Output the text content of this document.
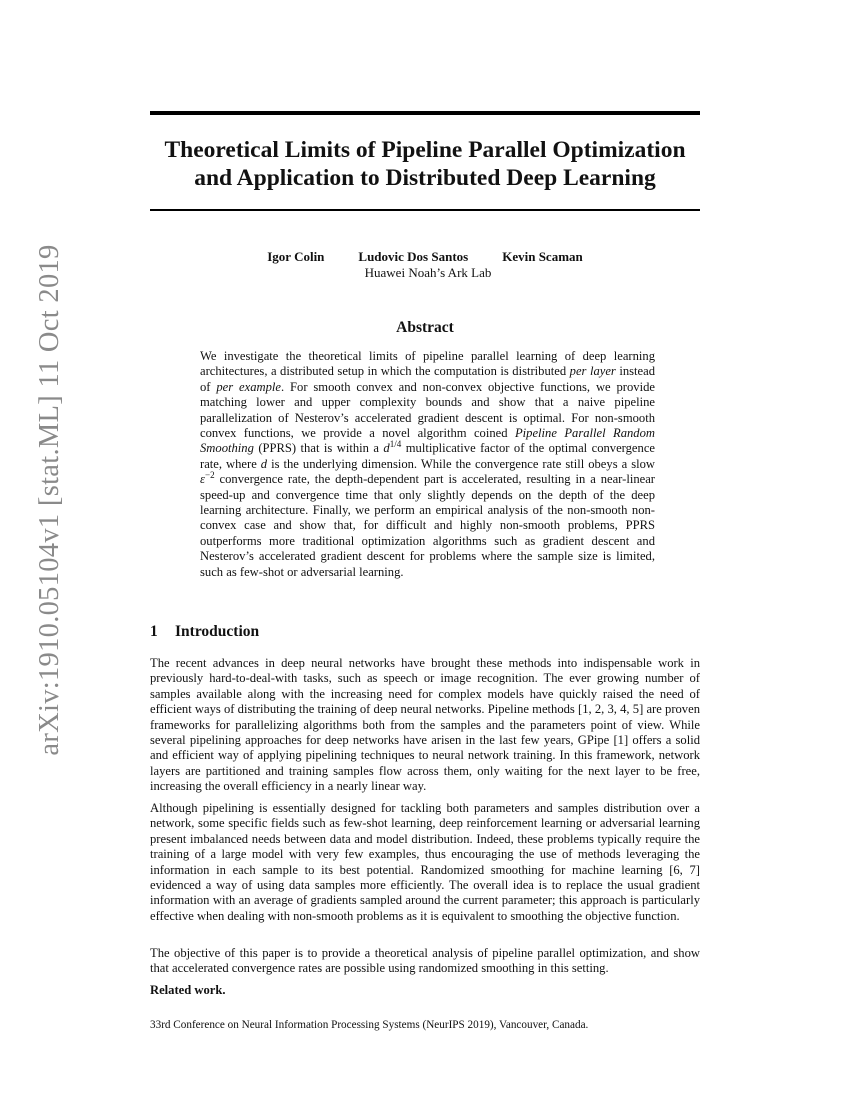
arXiv:1910.05104v1 [stat.ML] 11 Oct 2019
Theoretical Limits of Pipeline Parallel Optimization
and Application to Distributed Deep Learning
Igor Colin	Ludovic Dos Santos	Kevin Scaman
Huawei Noah’s Ark Lab
Abstract

We investigate the theoretical limits of pipeline parallel learning of deep learning architectures, a distributed setup in which the computation is distributed per layer instead of per example. For smooth convex and non-convex objective functions, we provide matching lower and upper complexity bounds and show that a naive pipeline parallelization of Nesterov’s accelerated gradient descent is optimal. For non-smooth convex functions, we provide a novel algorithm coined Pipeline Parallel Random Smoothing (PPRS) that is within a $d^{1/4}$ multiplicative factor of the optimal convergence rate, where d is the underlying dimension. While the convergence rate still obeys a slow $\varepsilon^{-2}$ convergence rate, the depth-dependent part is accelerated, resulting in a near-linear speed-up and convergence time that only slightly depends on the depth of the deep learning architecture. Finally, we perform an empirical analysis of the non-smooth non-convex case and show that, for difficult and highly non-smooth problems, PPRS outperforms more traditional optimization algorithms such as gradient descent and Nesterov’s accelerated gradient descent for problems where the sample size is limited, such as few-shot or adversarial learning.

1 Introduction

The recent advances in deep neural networks have brought these methods into indispensable work in previously hard-to-deal-with tasks, such as speech or image recognition. The ever growing number of samples available along with the increasing need for complex models have quickly raised the need of efficient ways of distributing the training of deep neural networks. Pipeline methods [1, 2, 3, 4, 5] are proven frameworks for parallelizing algorithms both from the samples and the parameters point of view. While several pipelining approaches for deep networks have arisen in the last few years, GPipe [1] offers a solid and efficient way of applying pipelining techniques to neural network training. In this framework, network layers are partitioned and training samples flow across them, only waiting for the next layer to be free, increasing the overall efficiency in a nearly linear way.

Although pipelining is essentially designed for tackling both parameters and samples distribution over a network, some specific fields such as few-shot learning, deep reinforcement learning or adversarial learning present imbalanced needs between data and model distribution. Indeed, these problems typically require the training of a large model with very few examples, thus encouraging the use of methods leveraging the information in each sample to its best potential. Randomized smoothing for machine learning [6, 7] evidenced a way of using data samples more efficiently. The overall idea is to replace the usual gradient information with an average of gradients sampled around the current parameter; this approach is particularly effective when dealing with non-smooth problems as it is equivalent to smoothing the objective function.

The objective of this paper is to provide a theoretical analysis of pipeline parallel optimization, and show that accelerated convergence rates are possible using randomized smoothing in this setting.

Related work.

33rd Conference on Neural Information Processing Systems (NeurIPS 2019), Vancouver, Canada.
